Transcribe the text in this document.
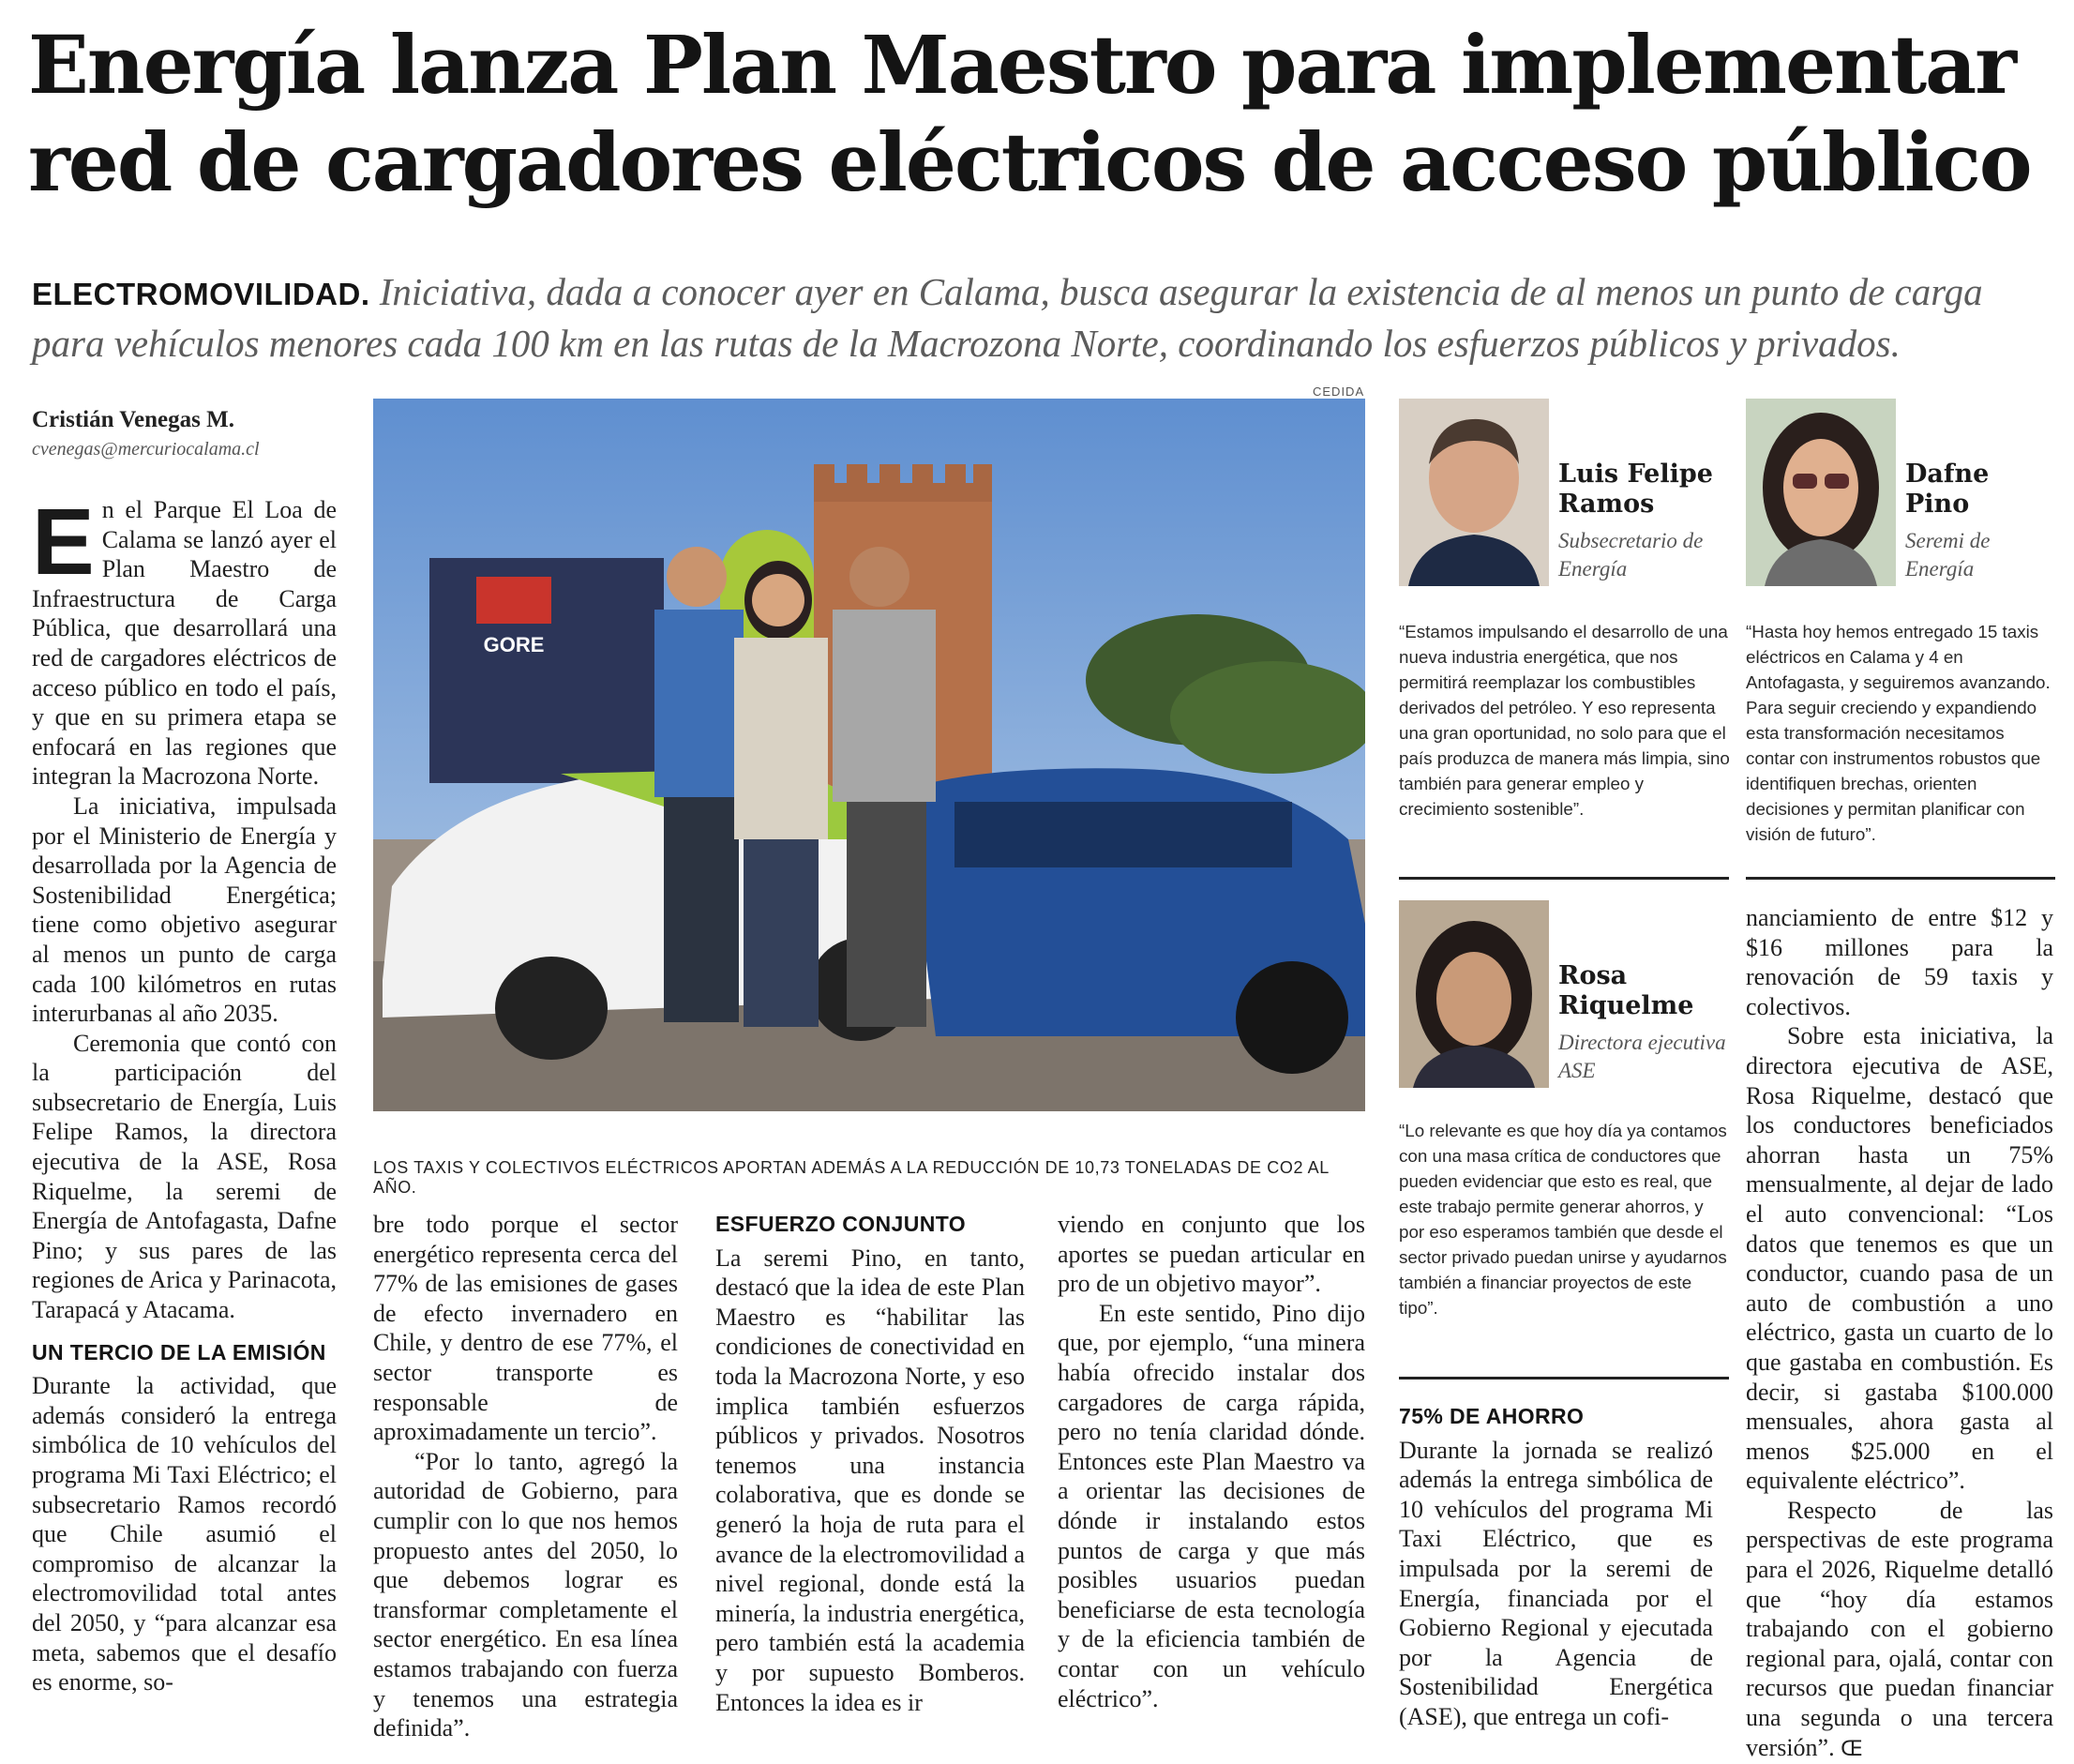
Energía lanza Plan Maestro para implementar
red de cargadores eléctricos de acceso público
ELECTROMOVILIDAD. Iniciativa, dada a conocer ayer en Calama, busca asegurar la existencia de al menos un punto de carga para vehículos menores cada 100 km en las rutas de la Macrozona Norte, coordinando los esfuerzos públicos y privados.
Cristián Venegas M.
cvenegas@mercuriocalama.cl

En el Parque El Loa de Calama se lanzó ayer el Plan Maestro de Infraestructura de Carga Pública, que desarrollará una red de cargadores eléctricos de acceso público en todo el país, y que en su primera etapa se enfocará en las regiones que integran la Macrozona Norte.

La iniciativa, impulsada por el Ministerio de Energía y desarrollada por la Agencia de Sostenibilidad Energética; tiene como objetivo asegurar al menos un punto de carga cada 100 kilómetros en rutas interurbanas al año 2035.

Ceremonia que contó con la participación del subsecretario de Energía, Luis Felipe Ramos, la directora ejecutiva de la ASE, Rosa Riquelme, la seremi de Energía de Antofagasta, Dafne Pino; y sus pares de las regiones de Arica y Parinacota, Tarapacá y Atacama.

UN TERCIO DE LA EMISIÓN

Durante la actividad, que además consideró la entrega simbólica de 10 vehículos del programa Mi Taxi Eléctrico; el subsecretario Ramos recordó que Chile asumió el compromiso de alcanzar la electromovilidad total antes del 2050, y “para alcanzar esa meta, sabemos que el desafío es enorme, so-

CEDIDA
GORE
LOS TAXIS Y COLECTIVOS ELÉCTRICOS APORTAN ADEMÁS A LA REDUCCIÓN DE 10,73 TONELADAS DE CO2 AL AÑO.

bre todo porque el sector energético representa cerca del 77% de las emisiones de gases de efecto invernadero en Chile, y dentro de ese 77%, el sector transporte es responsable de aproximadamente un tercio”.

“Por lo tanto, agregó la autoridad de Gobierno, para cumplir con lo que nos hemos propuesto antes del 2050, lo que debemos lograr es transformar completamente el sector energético. En esa línea estamos trabajando con fuerza y tenemos una estrategia definida”.

ESFUERZO CONJUNTO

La seremi Pino, en tanto, destacó que la idea de este Plan Maestro es “habilitar las condiciones de conectividad en toda la Macrozona Norte, y eso implica también esfuerzos públicos y privados. Nosotros tenemos una instancia colaborativa, que es donde se generó la hoja de ruta para el avance de la electromovilidad a nivel regional, donde está la minería, la industria energética, pero también está la academia y por supuesto Bomberos. Entonces la idea es ir

viendo en conjunto que los aportes se puedan articular en pro de un objetivo mayor”.

En este sentido, Pino dijo que, por ejemplo, “una minera había ofrecido instalar dos cargadores de carga rápida, pero no tenía claridad dónde. Entonces este Plan Maestro va a orientar las decisiones de dónde ir instalando estos puntos de carga y que más posibles usuarios puedan beneficiarse de esta tecnología y de la eficiencia también de contar con un vehículo eléctrico”.

Luis Felipe Ramos
Subsecretario de Energía
“Estamos impulsando el desarrollo de una nueva industria energética, que nos permitirá reemplazar los combustibles derivados del petróleo. Y eso representa una gran oportunidad, no solo para que el país produzca de manera más limpia, sino también para generar empleo y crecimiento sostenible”.
Dafne Pino
Seremi de Energía
“Hasta hoy hemos entregado 15 taxis eléctricos en Calama y 4 en Antofagasta, y seguiremos avanzando. Para seguir creciendo y expandiendo esta transformación necesitamos contar con instrumentos robustos que identifiquen brechas, orienten decisiones y permitan planificar con visión de futuro”.
Rosa Riquelme
Directora ejecutiva ASE
“Lo relevante es que hoy día ya contamos con una masa crítica de conductores que pueden evidenciar que esto es real, que este trabajo permite generar ahorros, y por eso esperamos también que desde el sector privado puedan unirse y ayudarnos también a financiar proyectos de este tipo”.
75% DE AHORRO

Durante la jornada se realizó además la entrega simbólica de 10 vehículos del programa Mi Taxi Eléctrico, que es impulsada por la seremi de Energía, financiada por el Gobierno Regional y ejecutada por la Agencia de Sostenibilidad Energética (ASE), que entrega un cofi-

nanciamiento de entre $12 y $16 millones para la renovación de 59 taxis y colectivos.

Sobre esta iniciativa, la directora ejecutiva de ASE, Rosa Riquelme, destacó que los conductores beneficiados ahorran hasta un 75% mensualmente, al dejar de lado el auto convencional: “Los datos que tenemos es que un conductor, cuando pasa de un auto de combustión a uno eléctrico, gasta un cuarto de lo que gastaba en combustión. Es decir, si gastaba $100.000 mensuales, ahora gasta al menos $25.000 en el equivalente eléctrico”.

Respecto de las perspectivas de este programa para el 2026, Riquelme detalló que “hoy día estamos trabajando con el gobierno regional para, ojalá, contar con recursos que puedan financiar una segunda o una tercera versión”. Œ
